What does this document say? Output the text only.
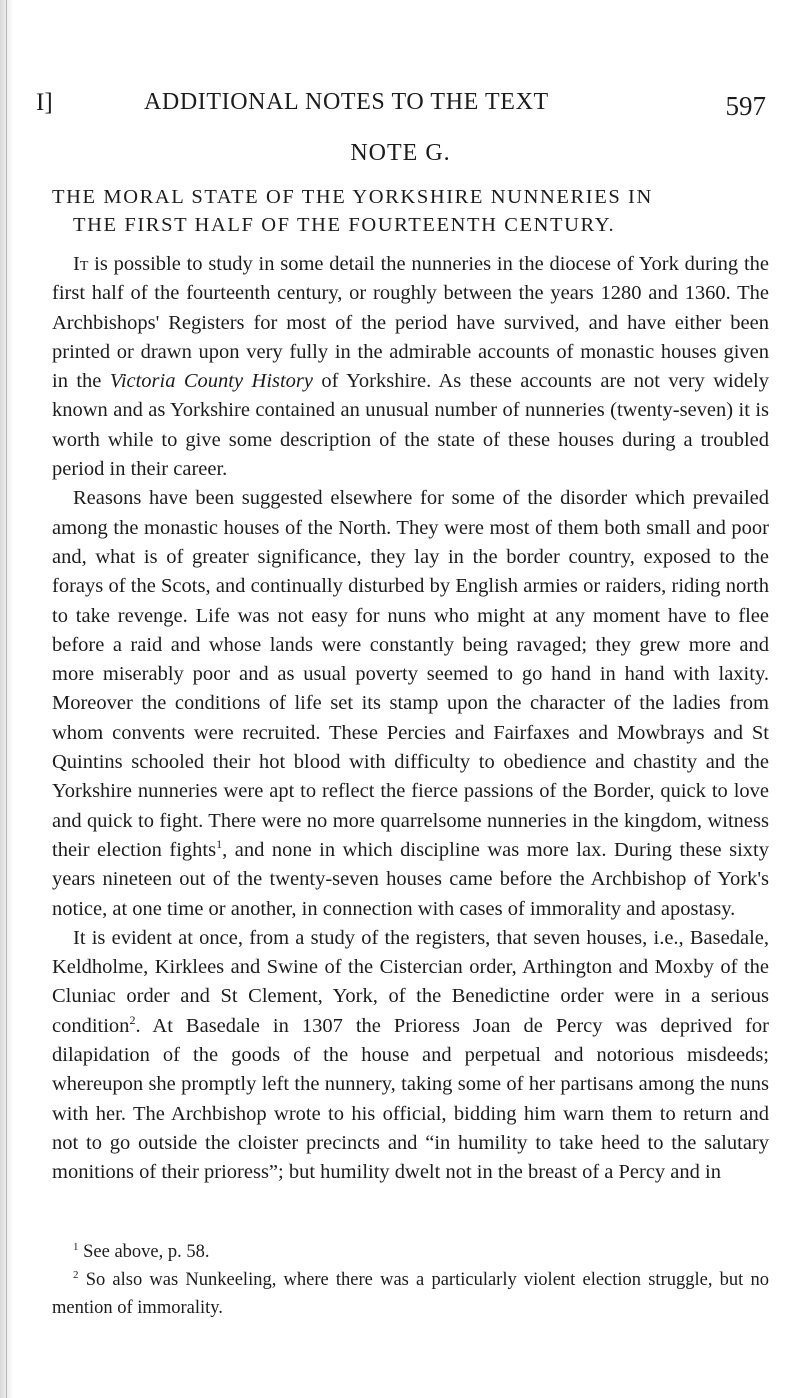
I]	ADDITIONAL NOTES TO THE TEXT	597
NOTE G.
THE MORAL STATE OF THE YORKSHIRE NUNNERIES IN
THE FIRST HALF OF THE FOURTEENTH CENTURY.

It is possible to study in some detail the nunneries in the diocese of York during the first half of the fourteenth century, or roughly between the years 1280 and 1360. The Archbishops' Registers for most of the period have survived, and have either been printed or drawn upon very fully in the admirable accounts of monastic houses given in the Victoria County History of Yorkshire. As these accounts are not very widely known and as Yorkshire contained an unusual number of nunneries (twenty-seven) it is worth while to give some description of the state of these houses during a troubled period in their career.

Reasons have been suggested elsewhere for some of the disorder which prevailed among the monastic houses of the North. They were most of them both small and poor and, what is of greater significance, they lay in the border country, exposed to the forays of the Scots, and continually disturbed by English armies or raiders, riding north to take revenge. Life was not easy for nuns who might at any moment have to flee before a raid and whose lands were constantly being ravaged; they grew more and more miserably poor and as usual poverty seemed to go hand in hand with laxity. Moreover the conditions of life set its stamp upon the character of the ladies from whom convents were recruited. These Percies and Fairfaxes and Mowbrays and St Quintins schooled their hot blood with difficulty to obedience and chastity and the Yorkshire nunneries were apt to reflect the fierce passions of the Border, quick to love and quick to fight. There were no more quarrelsome nunneries in the kingdom, witness their election fights$^1$, and none in which discipline was more lax. During these sixty years nineteen out of the twenty-seven houses came before the Archbishop of York's notice, at one time or another, in connection with cases of immorality and apostasy.

It is evident at once, from a study of the registers, that seven houses, i.e., Basedale, Keldholme, Kirklees and Swine of the Cistercian order, Arthington and Moxby of the Cluniac order and St Clement, York, of the Benedictine order were in a serious condition$^2$. At Basedale in 1307 the Prioress Joan de Percy was deprived for dilapidation of the goods of the house and perpetual and notorious misdeeds; whereupon she promptly left the nunnery, taking some of her partisans among the nuns with her. The Archbishop wrote to his official, bidding him warn them to return and not to go outside the cloister precincts and “in humility to take heed to the salutary monitions of their prioress”; but humility dwelt not in the breast of a Percy and in

$^1$ See above, p. 58.

$^2$ So also was Nunkeeling, where there was a particularly violent election struggle, but no mention of immorality.
